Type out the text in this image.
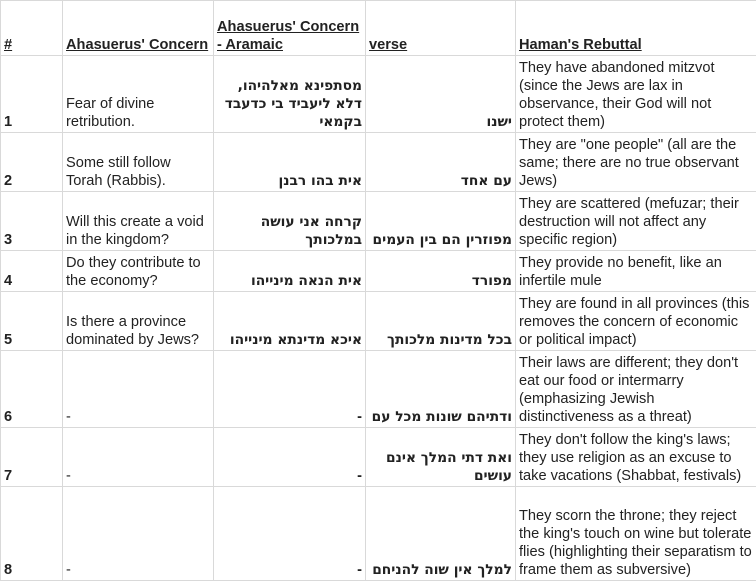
#	Ahasuerus' Concern	Ahasuerus' Concern - Aramaic	verse	Haman's Rebuttal
1	Fear of divine retribution.	מסתפינא מאלהיהו, דלא ליעביד בי כדעבד בקמאי	ישנו	They have abandoned mitzvot (since the Jews are lax in observance, their God will not protect them)
2	Some still follow Torah (Rabbis).	אית בהו רבנן	עם אחד	They are "one people" (all are the same; there are no true observant Jews)
3	Will this create a void in the kingdom?	קרחה אני עושה במלכותך	מפוזרין הם בין העמים	They are scattered (mefuzar; their destruction will not affect any specific region)
4	Do they contribute to the economy?	אית הנאה מינייהו	מפורד	They provide no benefit, like an infertile mule
5	Is there a province dominated by Jews?	איכא מדינתא מינייהו	בכל מדינות מלכותך	They are found in all provinces (this removes the concern of economic or political impact)
6	-	-	ודתיהם שונות מכל עם	Their laws are different; they don't eat our food or intermarry (emphasizing Jewish distinctiveness as a threat)
7	-	-	ואת דתי המלך אינם עושים	They don't follow the king's laws; they use religion as an excuse to take vacations (Shabbat, festivals)
8	-	-	למלך אין שוה להניחם	They scorn the throne; they reject the king's touch on wine but tolerate flies (highlighting their separatism to frame them as subversive)
